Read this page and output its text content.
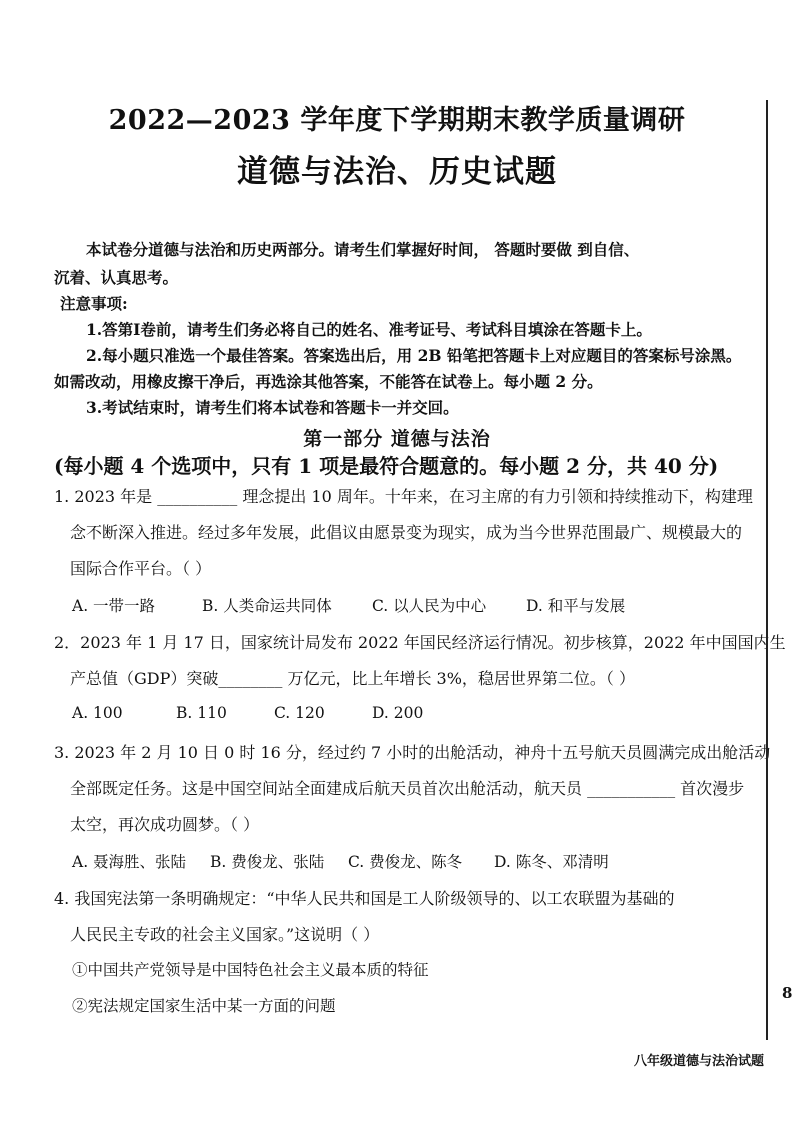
2022—2023 学年度下学期期末教学质量调研
道德与法治、历史试题
本试卷分道德与法治和历史两部分。请考生们掌握好时间， 答题时要做 到自信、
沉着、认真思考。
注意事项:
1.答第I卷前，请考生们务必将自己的姓名、准考证号、考试科目填涂在答题卡上。
2.每小题只准选一个最佳答案。答案选出后，用 2B 铅笔把答题卡上对应题目的答案标号涂黑。
如需改动，用橡皮擦干净后，再选涂其他答案，不能答在试卷上。每小题 2 分。
3.考试结束时，请考生们将本试卷和答题卡一并交回。
第一部分 道德与法治
(每小题 4 个选项中，只有 1 项是最符合题意的。每小题 2 分，共 40 分)
1. 2023 年是 __________ 理念提出 10 周年。十年来，在习主席的有力引领和持续推动下，构建理
念不断深入推进。经过多年发展，此倡议由愿景变为现实，成为当今世界范围最广、规模最大的
国际合作平台。（ ）
A. 一带一路	B. 人类命运共同体	C. 以人民为中心	D. 和平与发展
2．2023 年 1 月 17 日，国家统计局发布 2022 年国民经济运行情况。初步核算，2022 年中国国内生
产总值（GDP）突破________ 万亿元，比上年增长 3%，稳居世界第二位。（ ）
A. 100	B. 110	C. 120	D. 200
3. 2023 年 2 月 10 日 0 时 16 分，经过约 7 小时的出舱活动，神舟十五号航天员圆满完成出舱活动
全部既定任务。这是中国空间站全面建成后航天员首次出舱活动，航天员 ___________ 首次漫步
太空，再次成功圆梦。（ ）
A. 聂海胜、张陆 B. 费俊龙、张陆 C. 费俊龙、陈冬 D. 陈冬、邓清明
4. 我国宪法第一条明确规定：“中华人民共和国是工人阶级领导的、以工农联盟为基础的
人民民主专政的社会主义国家。”这说明（ ）
①中国共产党领导是中国特色社会主义最本质的特征
②宪法规定国家生活中某一方面的问题
8
八年级道德与法治试题
